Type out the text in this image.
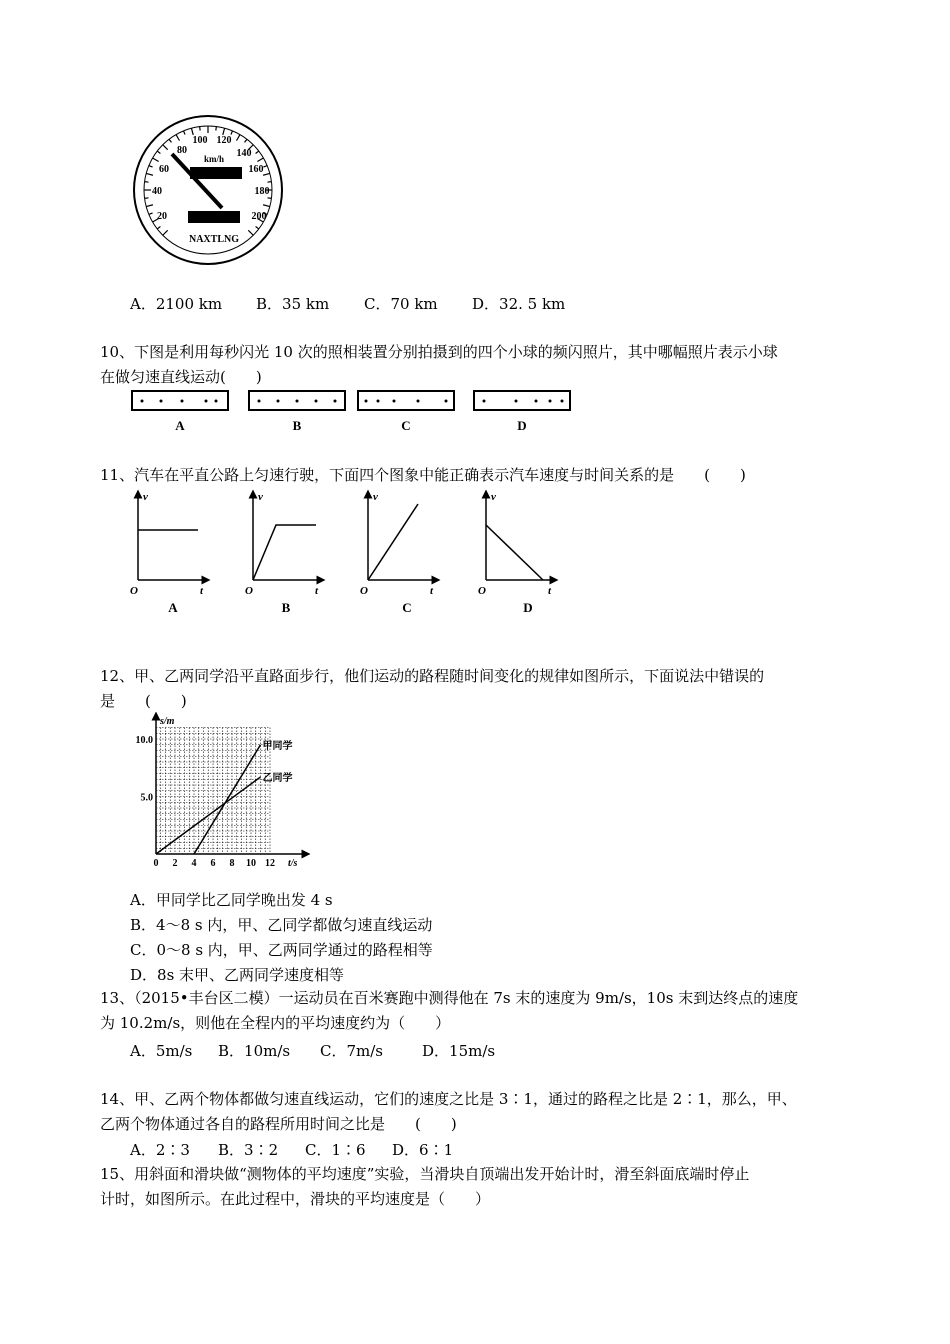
20
40
60
80
100 120
140
160
180
200
km/h
NAXTLNG
A．2100 km B．35 km C．70 km D．32. 5 km
10、下图是利用每秒闪光 10 次的照相装置分别拍摄到的四个小球的频闪照片，其中哪幅照片表示小球
在做匀速直线运动(　　)
A	B	C	D
11、汽车在平直公路上匀速行驶，下面四个图象中能正确表示汽车速度与时间关系的是　　(　　)
v	v	v	v
t	t	t	t
O	O	O	O
A	B	C	D
12、甲、乙两同学沿平直路面步行，他们运动的路程随时间变化的规律如图所示，下面说法中错误的
是　　(　　)
s/m
t/s
0 2 4 6 8 10 12
5.0
10.0
甲同学
乙同学
A．甲同学比乙同学晚出发 4 s
B．4～8 s 内，甲、乙同学都做匀速直线运动
C．0～8 s 内，甲、乙两同学通过的路程相等
D．8s 末甲、乙两同学速度相等
13、（2015•丰台区二模）一运动员在百米赛跑中测得他在 7s 末的速度为 9m/s，10s 末到达终点的速度
为 10.2m/s，则他在全程内的平均速度约为（　　）
A．5m/s B．10m/s C．7m/s	D．15m/s
14、甲、乙两个物体都做匀速直线运动，它们的速度之比是 3∶1，通过的路程之比是 2∶1，那么，甲、
乙两个物体通过各自的路程所用时间之比是　　(　　)
A．2∶3 B．3∶2 C．1∶6 D．6∶1
15、用斜面和滑块做“测物体的平均速度”实验，当滑块自顶端出发开始计时，滑至斜面底端时停止
计时，如图所示。在此过程中，滑块的平均速度是（　　）
